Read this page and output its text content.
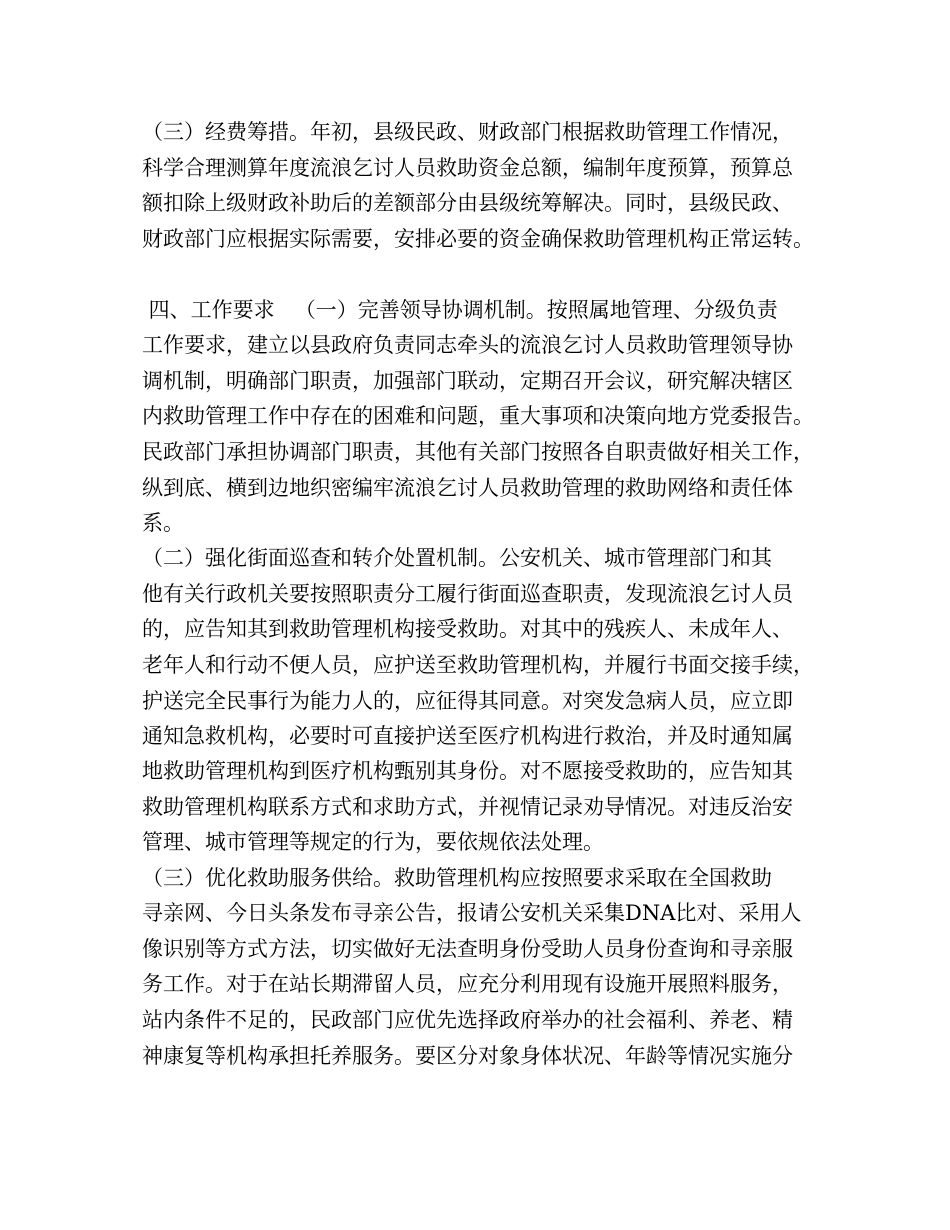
（三）经费筹措。年初，县级民政、财政部门根据救助管理工作情况，
科学合理测算年度流浪乞讨人员救助资金总额，编制年度预算，预算总
额扣除上级财政补助后的差额部分由县级统筹解决。同时，县级民政、
财政部门应根据实际需要，安排必要的资金确保救助管理机构正常运转。
四、工作要求   （一）完善领导协调机制。按照属地管理、分级负责
工作要求，建立以县政府负责同志牵头的流浪乞讨人员救助管理领导协
调机制，明确部门职责，加强部门联动，定期召开会议，研究解决辖区
内救助管理工作中存在的困难和问题，重大事项和决策向地方党委报告。
民政部门承担协调部门职责，其他有关部门按照各自职责做好相关工作，
纵到底、横到边地织密编牢流浪乞讨人员救助管理的救助网络和责任体
系。
（二）强化街面巡查和转介处置机制。公安机关、城市管理部门和其
他有关行政机关要按照职责分工履行街面巡查职责，发现流浪乞讨人员
的，应告知其到救助管理机构接受救助。对其中的残疾人、未成年人、
老年人和行动不便人员，应护送至救助管理机构，并履行书面交接手续，
护送完全民事行为能力人的，应征得其同意。对突发急病人员，应立即
通知急救机构，必要时可直接护送至医疗机构进行救治，并及时通知属
地救助管理机构到医疗机构甄别其身份。对不愿接受救助的，应告知其
救助管理机构联系方式和求助方式，并视情记录劝导情况。对违反治安
管理、城市管理等规定的行为，要依规依法处理。
（三）优化救助服务供给。救助管理机构应按照要求采取在全国救助
寻亲网、今日头条发布寻亲公告，报请公安机关采集DNA比对、采用人
像识别等方式方法，切实做好无法查明身份受助人员身份查询和寻亲服
务工作。对于在站长期滞留人员，应充分利用现有设施开展照料服务，
站内条件不足的，民政部门应优先选择政府举办的社会福利、养老、精
神康复等机构承担托养服务。要区分对象身体状况、年龄等情况实施分
